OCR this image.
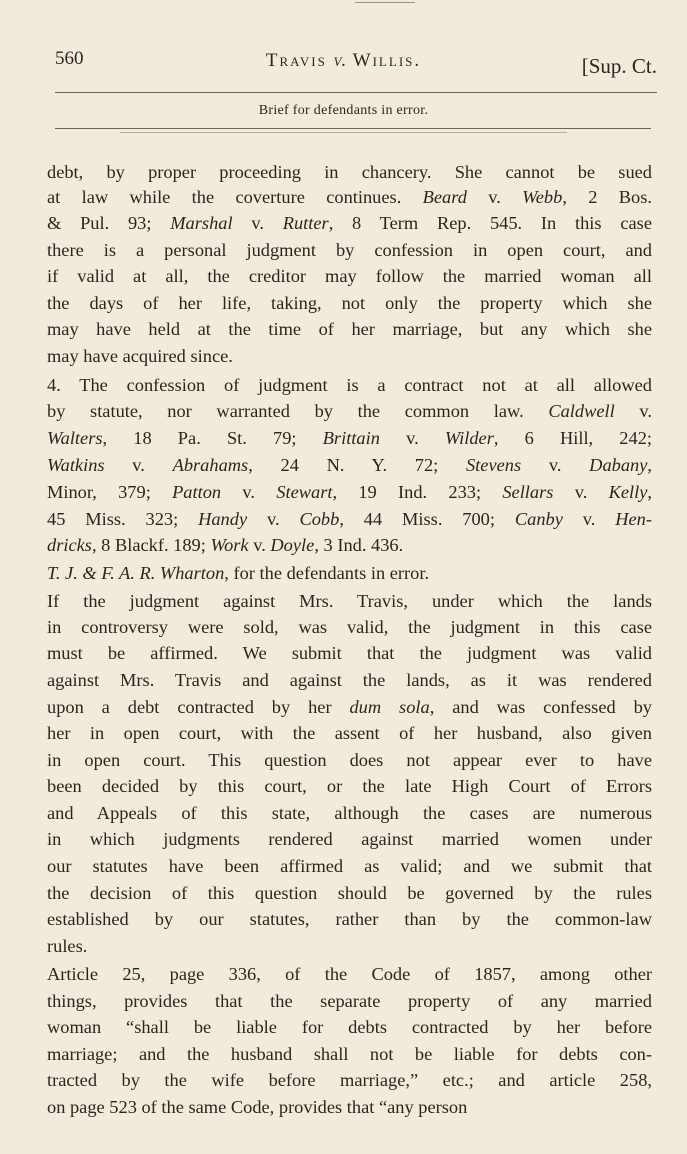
560	Travis v. Willis.	[Sup. Ct.
Brief for defendants in error.
debt, by proper proceeding in chancery. She cannot be sued
at law while the coverture continues. Beard v. Webb, 2 Bos.
& Pul. 93; Marshal v. Rutter, 8 Term Rep. 545. In this case
there is a personal judgment by confession in open court, and
if valid at all, the creditor may follow the married woman all
the days of her life, taking, not only the property which she
may have held at the time of her marriage, but any which she
may have acquired since.
4. The confession of judgment is a contract not at all allowed
by statute, nor warranted by the common law. Caldwell v.
Walters, 18 Pa. St. 79; Brittain v. Wilder, 6 Hill, 242;
Watkins v. Abrahams, 24 N. Y. 72; Stevens v. Dabany,
Minor, 379; Patton v. Stewart, 19 Ind. 233; Sellars v. Kelly,
45 Miss. 323; Handy v. Cobb, 44 Miss. 700; Canby v. Hen-
dricks, 8 Blackf. 189; Work v. Doyle, 3 Ind. 436.
T. J. & F. A. R. Wharton, for the defendants in error.
If the judgment against Mrs. Travis, under which the lands
in controversy were sold, was valid, the judgment in this case
must be affirmed. We submit that the judgment was valid
against Mrs. Travis and against the lands, as it was rendered
upon a debt contracted by her dum sola, and was confessed by
her in open court, with the assent of her husband, also given
in open court. This question does not appear ever to have
been decided by this court, or the late High Court of Errors
and Appeals of this state, although the cases are numerous
in which judgments rendered against married women under
our statutes have been affirmed as valid; and we submit that
the decision of this question should be governed by the rules
established by our statutes, rather than by the common-law
rules.
Article 25, page 336, of the Code of 1857, among other
things, provides that the separate property of any married
woman “shall be liable for debts contracted by her before
marriage; and the husband shall not be liable for debts con-
tracted by the wife before marriage,” etc.; and article 258,
on page 523 of the same Code, provides that “any person
